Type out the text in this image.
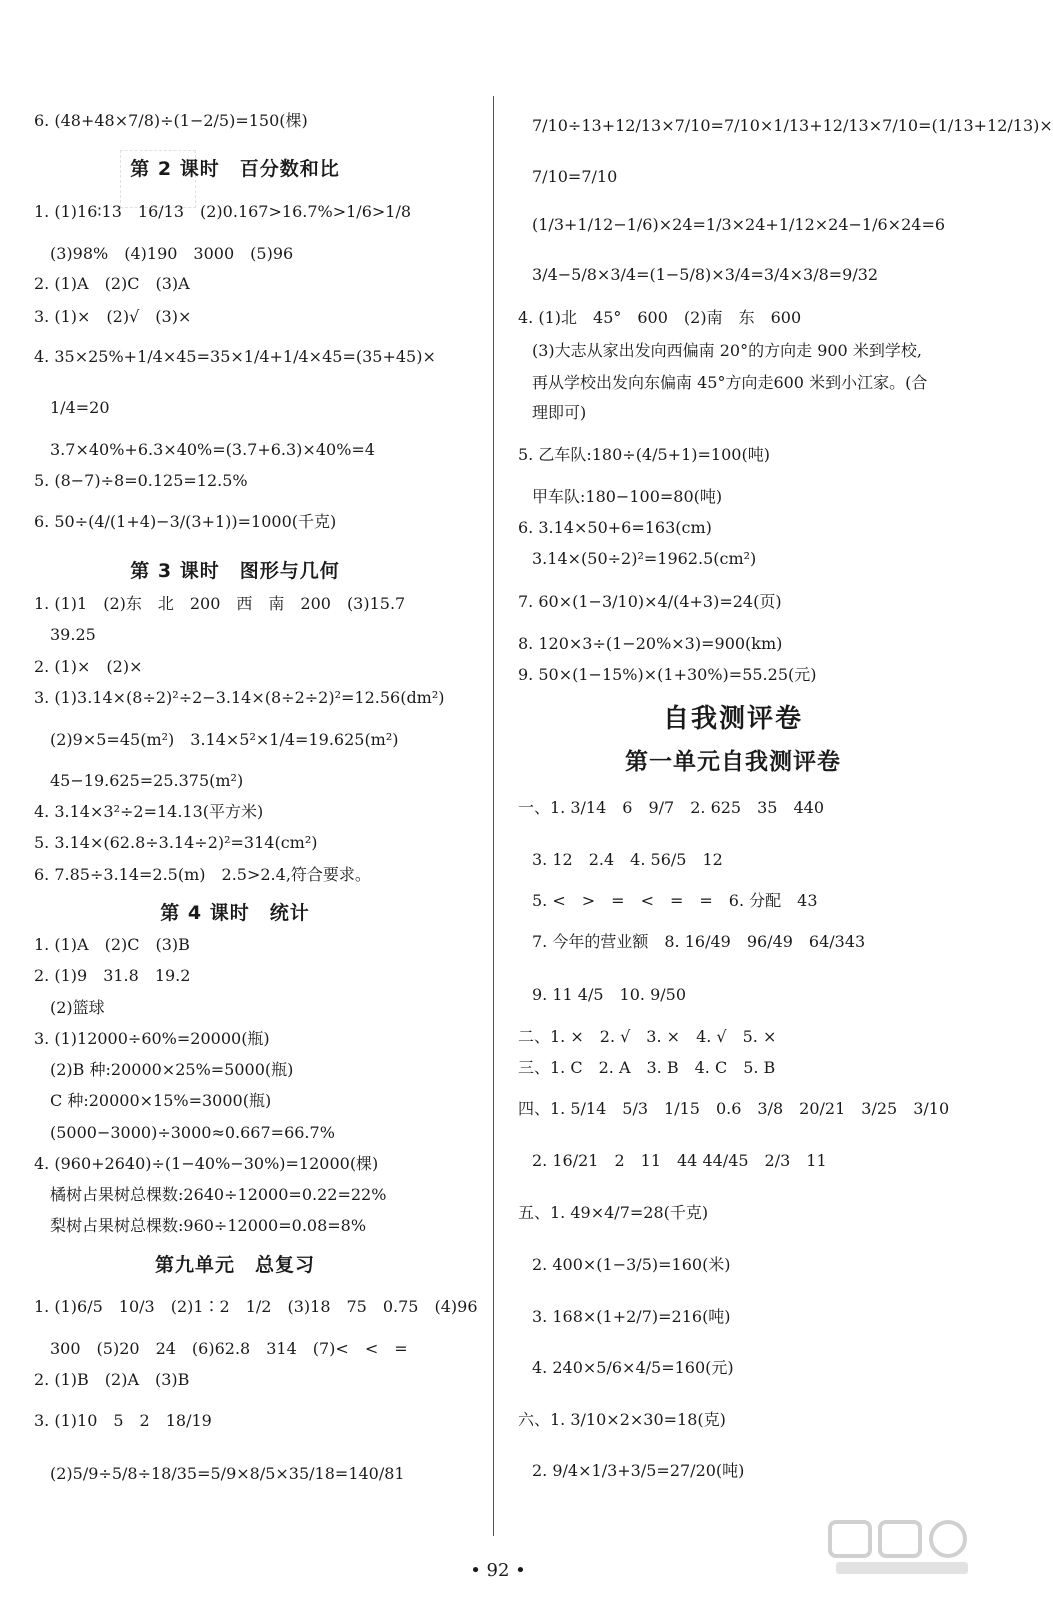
6. (48+48×7/8)÷(1−2/5)=150(棵)
第 2 课时　百分数和比
1. (1)16∶13　16/13　(2)0.167>16.7%>1/6>1/8
(3)98%　(4)190　3000　(5)96
2. (1)A　(2)C　(3)A
3. (1)×　(2)√　(3)×
4. 35×25%+1/4×45=35×1/4+1/4×45=(35+45)×
1/4=20
3.7×40%+6.3×40%=(3.7+6.3)×40%=4
5. (8−7)÷8=0.125=12.5%
6. 50÷(4/(1+4)−3/(3+1))=1000(千克)
第 3 课时　图形与几何
1. (1)1　(2)东　北　200　西　南　200　(3)15.7
39.25
2. (1)×　(2)×
3. (1)3.14×(8÷2)²÷2−3.14×(8÷2÷2)²=12.56(dm²)
(2)9×5=45(m²)　3.14×5²×1/4=19.625(m²)
45−19.625=25.375(m²)
4. 3.14×3²÷2=14.13(平方米)
5. 3.14×(62.8÷3.14÷2)²=314(cm²)
6. 7.85÷3.14=2.5(m)　2.5>2.4,符合要求。
第 4 课时　统计
1. (1)A　(2)C　(3)B
2. (1)9　31.8　19.2
(2)篮球
3. (1)12000÷60%=20000(瓶)
(2)B 种:20000×25%=5000(瓶)
C 种:20000×15%=3000(瓶)
(5000−3000)÷3000≈0.667=66.7%
4. (960+2640)÷(1−40%−30%)=12000(棵)
橘树占果树总棵数:2640÷12000=0.22=22%
梨树占果树总棵数:960÷12000=0.08=8%
第九单元　总复习
1. (1)6/5　10/3　(2)1∶2　1/2　(3)18　75　0.75　(4)96
300　(5)20　24　(6)62.8　314　(7)<　<　=
2. (1)B　(2)A　(3)B
3. (1)10　5　2　18/19
(2)5/9÷5/8÷18/35=5/9×8/5×35/18=140/81
7/10÷13+12/13×7/10=7/10×1/13+12/13×7/10=(1/13+12/13)×
7/10=7/10
(1/3+1/12−1/6)×24=1/3×24+1/12×24−1/6×24=6
3/4−5/8×3/4=(1−5/8)×3/4=3/4×3/8=9/32
4. (1)北　45°　600　(2)南　东　600
(3)大志从家出发向西偏南 20°的方向走 900 米到学校,
再从学校出发向东偏南 45°方向走600 米到小江家。(合
理即可)
5. 乙车队:180÷(4/5+1)=100(吨)
甲车队:180−100=80(吨)
6. 3.14×50+6=163(cm)
3.14×(50÷2)²=1962.5(cm²)
7. 60×(1−3/10)×4/(4+3)=24(页)
8. 120×3÷(1−20%×3)=900(km)
9. 50×(1−15%)×(1+30%)=55.25(元)
自我测评卷
第一单元自我测评卷
一、1. 3/14　6　9/7　2. 625　35　440
3. 12　2.4　4. 56/5　12
5. <　>　=　<　=　=　6. 分配　43
7. 今年的营业额　8. 16/49　96/49　64/343
9. 11 4/5　10. 9/50
二、1. ×　2. √　3. ×　4. √　5. ×
三、1. C　2. A　3. B　4. C　5. B
四、1. 5/14　5/3　1/15　0.6　3/8　20/21　3/25　3/10
2. 16/21　2　11　44 44/45　2/3　11
五、1. 49×4/7=28(千克)
2. 400×(1−3/5)=160(米)
3. 168×(1+2/7)=216(吨)
4. 240×5/6×4/5=160(元)
六、1. 3/10×2×30=18(克)
2. 9/4×1/3+3/5=27/20(吨)
• 92 •
